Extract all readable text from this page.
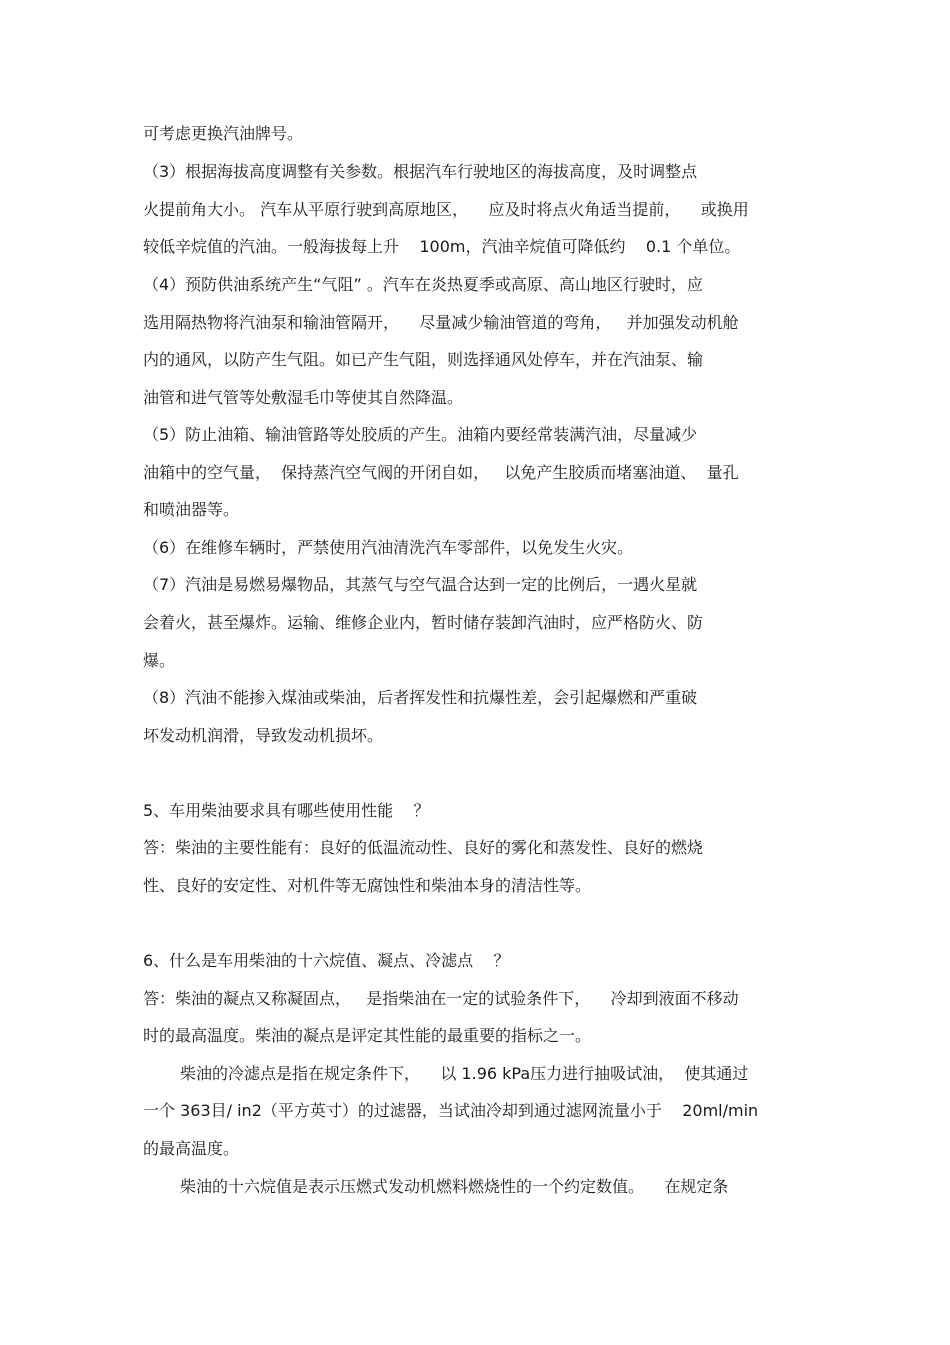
可考虑更换汽油牌号。
（3）根据海拔高度调整有关参数。根据汽车行驶地区的海拔高度，及时调整点
火提前角大小。 汽车从平原行驶到高原地区，    应及时将点火角适当提前，    或换用
较低辛烷值的汽油。一般海拔每上升    100m，汽油辛烷值可降低约    0.1 个单位。
（4）预防供油系统产生“气阻” 。汽车在炎热夏季或高原、高山地区行驶时，应
选用隔热物将汽油泵和输油管隔开，    尽量减少输油管道的弯角，   并加强发动机舱
内的通风，以防产生气阻。如已产生气阻，则选择通风处停车，并在汽油泵、输
油管和进气管等处敷湿毛巾等使其自然降温。
（5）防止油箱、输油管路等处胶质的产生。油箱内要经常装满汽油，尽量减少
油箱中的空气量，  保持蒸汽空气阀的开闭自如，   以免产生胶质而堵塞油道、  量孔
和喷油器等。
（6）在维修车辆时，严禁使用汽油清洗汽车零部件，以免发生火灾。
（7）汽油是易燃易爆物品，其蒸气与空气温合达到一定的比例后，一遇火星就
会着火，甚至爆炸。运输、维修企业内，暂时储存装卸汽油时，应严格防火、防
爆。
（8）汽油不能掺入煤油或柴油，后者挥发性和抗爆性差，会引起爆燃和严重破
坏发动机润滑，导致发动机损坏。
5、车用柴油要求具有哪些使用性能    ？
答：柴油的主要性能有：良好的低温流动性、良好的雾化和蒸发性、良好的燃烧
性、良好的安定性、对机件等无腐蚀性和柴油本身的清洁性等。
6、什么是车用柴油的十六烷值、凝点、冷滤点    ？
答：柴油的凝点又称凝固点，   是指柴油在一定的试验条件下，    冷却到液面不移动
时的最高温度。柴油的凝点是评定其性能的最重要的指标之一。
柴油的冷滤点是指在规定条件下，    以 1.96 kPa压力进行抽吸试油，  使其通过
一个 363目/ in2（平方英寸）的过滤器，当试油冷却到通过滤网流量小于    20ml/min
的最高温度。
柴油的十六烷值是表示压燃式发动机燃料燃烧性的一个约定数值。    在规定条
